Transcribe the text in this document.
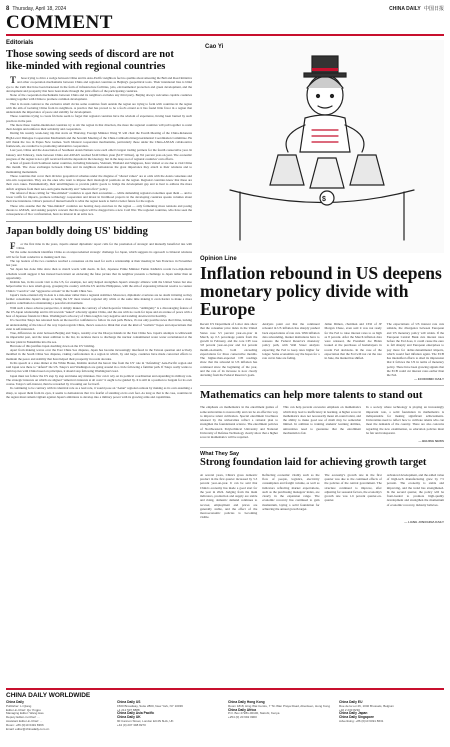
8 Thursday, April 18, 2024	CHINA DAILY 中国日报
COMMENT
Editorials
Those sowing seeds of discord are not like-minded with regional countries

Those trying to drive a wedge between China and its Asia-Pacific neighbors feel no qualms about smearing the Belt and Road Initiative and other cooperation mechanisms between China and regional countries as Beijing's geopolitical tools. Their intentional bias is blind eye to the truth that have been harnessed in the form of infrastructure facilities, jobs, environmental protection and green development, and the development and prosperity that have been made through the joint efforts of the participating countries.

None of the cooperation mechanisms between China and its neighbors excludes any third party. Beijing always welcomes capable countries working together with China to promote common development.

That is in stark contrast to the exclusive small circles some countries from outside the region are trying to form with countries in the region with the aim of isolating China from its neighbors. A practice that has proved to be a fool's errand as it has found little favor in a region that understands the importance of peace and stability for development.

Those countries trying to create frictions seem to forget that regional countries have the wisdom of experience, having been burned by such practices in the past.

The more these trouble-intentional countries try to stir the region in that direction, the more the regional countries will pull together to resist their designs and reinforce their solidarity and cooperation.

During his weekly week-long trip that starts on Thursday, Foreign Minister Wang Yi will chair the Fourth Meeting of the China-Indonesia High-Level Dialogue Cooperation Mechanism and the Seventh Meeting of the China-Cambodia Intergovernmental Coordination Committee. He will thank the two in Papua New Guinea. Such bilateral cooperation mechanisms, particularly those under the China-ASEAN collaborative framework, are conducive to promoting substantive cooperation.

Last year, China and the Association of Southeast Asian Nations were each other's largest trading partners for the fourth consecutive year. In January and February, trade between China and ASEAN reached $140 billion yuan ($137 billion), up 8.6 percent year-on-year. The economic progress of the region is not a gift received from the deposits in the ideology, but in the deep root of regional countries' own efforts.

A host of guests from Southeast Asian countries, including Indonesia, Vietnam, Thailand and Singapore, have visited or are due to visit China this month. The close exchanges between China and its neighbors demonstrate the great importance they attach to their relations and to maintaining momentum.

Those countries that cover their divisive geopolitical schemes under the disguise of "shared values" are at odds with the Asian consensus and win-win cooperation. They are the ones who want to impose their ideological positions on the region. Regional countries know that these are their own cakes. Fundamentally, their unwillingness to provide public goods to bridge the development gap and to heal to address the more deficit originate from their zero-sum game mentality and "America first" policy.

The refusal of those calling for "like-minded" countries to open their economies — while demanding regional economies open them — and to lower tariffs for imports, promote technology cooperation and invest in livelihood projects in the developing countries speaks volumes about their true intentions. China's pursuit of mutual benefit is what the region needs to build a better future for the region.

Those who assume that the "like-minded" countries are hosting deep exercises in the region — only fermenting more tensions and posing threats to ASEAN, and stoking people's concern that the region will be dragged into a new Cold War. The regional countries, who have seen the consequences of bloc confrontation, have no interest in an arms race.

Japan boldly doing US' bidding

For the first time in the years, Japan's annual diplomatic report calls for the promotion of strategic and mutually beneficial ties with China.

Yet the same document identifies China as an unprecedented strategic challenge for Japan, which suggests its approach to bilateral relations will be far from conducive to making such ties.

The top leaders of the two countries reached a consensus on the need for such a relationship at their meeting in San Francisco in November last year.

Yet Japan has done little since then to match words with deeds. In fact, Japanese Prime Minister Fumio Kishida's recent two-diplomatic schedule would suggest it has instead been intent on endorsing the false picture that its neighbor presents a challenge to Japan rather than an opportunity.

Kishida has, in his recent visit to the US, for example, not only helped strengthen Japan's strategic alliance with the United States but also helped usher in a new small-group, grouping the country with the US and the Philippines, with the aim of expressing trilateral resolve to counter China's "coercive" and "aggressive actions" in the South China Sea.

Japan's trade-oriented ally in Asia is a risk-taker rather than a regional stabilizer. Moreover, diplomatic overtures are no doubt irritating as they further consolidate Japan's image as being the US' most trusted regional ally while at the same time making it even harder to make a more positive contribution to maintaining a peaceful environment.

With such a more adverse perspective, it simply makes the contrary of what hoped-for bilateral ties. "Ambiguity" is a discouraging feature of the US-Japan relationship and its tilt towards "naked" adversity against China, and the one with no room for lapse and an avenue of peace with a host of Japanese friends in China. Washington's advocacy of China tough is very negative and trending downward in hostility.

It's clear that Tokyo has retreated back on the need for confidence to follow its own path. Hence, it's not only positive news that China, lacking an understanding of the idea of the way Japan regards China, there's reason to think that even the kind of "realistic" hopes and expectations that exist is self-interested.

True, differences do exist between Beijing and Tokyo, notably over the Diaoyu Islands in the East China Sea. Japan's attempts to whitewash its imperialist past, and the latest addition to the list, its reckless move to discharge the nuclear contaminated water water accumulated at the nuclear plant in Fukushima into the sea.

But none of this justifies Japan doubling down on the US' bidding.

Apart from making waves over the East China Sea disputes, Japan has become increasingly interfered in the Taiwan question and actively meddled in the South China Sea disputes, risking confrontation in a region in which, by and large, countries have made concerted efforts to maintain the peace and stability that have helped their prosperity in recent decades.

In his speech at a state dinner at the White House, Kishida decried the heroic line from the US' role in "defending" Asia-Pacific region and said Japan was there to "defend" the US. Tokyo's and Washington are going around in a circle following a familiar path. If Tokyo really wants to build up ties with China based on principles, it should stop following Washington's lead.

Japan must not follow the US step by step and make any mistakes. Nor can it rely on its political coordination and expanding its military role. The strategic interests on which are aligned "America's interests at all costs" it ought to be guided by. It is still in a position to bargain for its own course. Tokyo's self-interest, then be rewarded by it looking out for itself.

In continuing to be contrary with its identical role as a lead role, it would pose an "Asian" regional outlook by making as its own assuming a sharp, to repeat them from its eyes, it seems to demonstrate that it is fearful of standing on its own feet. As long as that is the case, countries in the region must remain vigilant against Japan's ambitions to develop into a military power with its growing arms and capabilities.

Cao Yi
$
Opinion Line
Inflation rebound in US deepens monetary policy divide with Europe
Recent US Department of Labor data show that the consumer price index in the United States rose 3.5 percent year-on-year in March, up 0.3 percentage points from the growth in February, and the core CPI rose 3.8 percent year-on-year and 0.4 percent month-on-month, both exceeding expectations for three consecutive months. The higher-than-expected CPI readings show that the rebound in US inflation has continued since the beginning of the year, and the rate of its increase is now clearly deviating from the Federal Reserve's goals.
Analysts point out that the continued rebound in US inflation has sharply pushed back expectations of rate cuts. With inflation data rebounding, market institutions have to reassess the Federal Reserve's monetary policy path, with Wall Street analysts expecting the Fed to keep rates higher for longer. Some economists say the hopes for a rate cut in June are fading.
Jamie Dimon, chairman and CEO of JP Morgan Chase, even said it was not ready for the Fed to raise interest rates to as high as 8 percent. After the March inflation data were released, the President Joe Biden looked at the purchases of homebuyers in recent Fed decisions. In the case of the expectation that the Fed will not cut the rate in June, the market has shifted.
The expectations of US interest rate cuts subside, the divergence between European and US monetary policy will widen. If the European Central Bank cuts interest rates before the Fed does, it could cause the euro to fall sharply and European enterprises to pay more for dollar-denominated imports, which would fuel inflation again. The ECB has intensified efforts to shed its impression that it follows the US in terms of monetary policy. There have been growing signals that the ECB could cut interest rates earlier than the Fed.
— ECONOMIC DAILY
Mathematics can help more talents to stand out
The emphasis on mathematics in the enrollment guides of some universities is noteworthy and can be an effective way to improve talent cultivation. Special enrollment brochures released by the universities reflect a rational plan to strengthen the foundational science. The enrollment policies of Northwestern Polytechnical University and National University of Defense Technology clearly show that a higher score in mathematics will be required.
This can help prevent excessive emphasis on mathematics which may lead to inefficiency in learning. A higher score in mathematics does not necessarily mean all-round talent, and the ability to make good use of math may be somewhat limited. In addition to training students' learning abilities, universities need to guarantee that the enrollment mechanism is fair.
In a society where technology is playing an increasingly important role, a solid foundation in mathematics is indispensable for making significant achievements. Universities need to reflect how to cultivate talents who can meet the demands of the country. There are also concerns regarding the new examination, as education policies must be fair and transparent.
— BEIJING NEWS
What They Say
Strong foundation laid for achieving growth target
At several years, China's gross domestic product in the first quarter increased by 5.3 percent year-on-year. It can be said that China's economy has made a good start for the year in 2024. Judging from the main indicators, production and supply are stable and rising, domestic demand continues to recover, employment and prices are generally stable, and the effect of the macroeconomic policies is becoming visible.
Reflecting economic vitality such as the flow of people, logistics, electricity consumption and freight volume, as well as indicators reflecting market expectations, such as the purchasing managers' index, are clearly in the expansion range. The economic recovery has continued to gain momentum, laying a solid foundation for achieving the annual growth target.
The economy's growth rate in the first quarter was due to the continued effects of the policies of the central government. The structure continued to improve, after adjusting for seasonal factors, the economy's growth rate was 1.6 percent quarter-on-quarter.
Advanced development, and the added value of high-tech manufacturing grew by 7.5 percent. The economy is stable and improving, and the trend has strengthened. In the second quarter, the policy will be front-loaded to promote high-quality development and strengthen the momentum of economic recovery, industry believes.
— LIANG JUN/CHINA DAILY
CHINA DAILY WORLDWIDE
China Daily
Publisher: Li Qiang
Editor-in-Chief: Qu Yingpu
Managing Editor: Wang Hao
Deputy Editor-in-Chief: ...
Assistant Editor-in-Chief: ...
Room: +86 (0)10 6491 8366
Email: editor@chinadaily.com.cn
China Daily US
1500 Broadway, Suite 2800, New York, NY 10036
+1 212 537 8888
China Daily Asia Pacific
China Daily UK
90 Cannon Street, London EC4N 6HA, UK
+44 (0) 207 398 8270
China Daily Hong Kong
Room 1818, Hing Wai Centre, 7 Tin Wan Praya Road, Aberdeen, Hong Kong
China Daily Africa
P.O. Box 27281-00100, Nairobi, Kenya
+254 (0) 20 692 0900
China Daily EU
Rue de la Loi 26, 1040 Brussels, Belgium
+32 2 233 8230
China Daily Japan
China Daily Singapore
Advertising: +86 (0)10 6491 8631
